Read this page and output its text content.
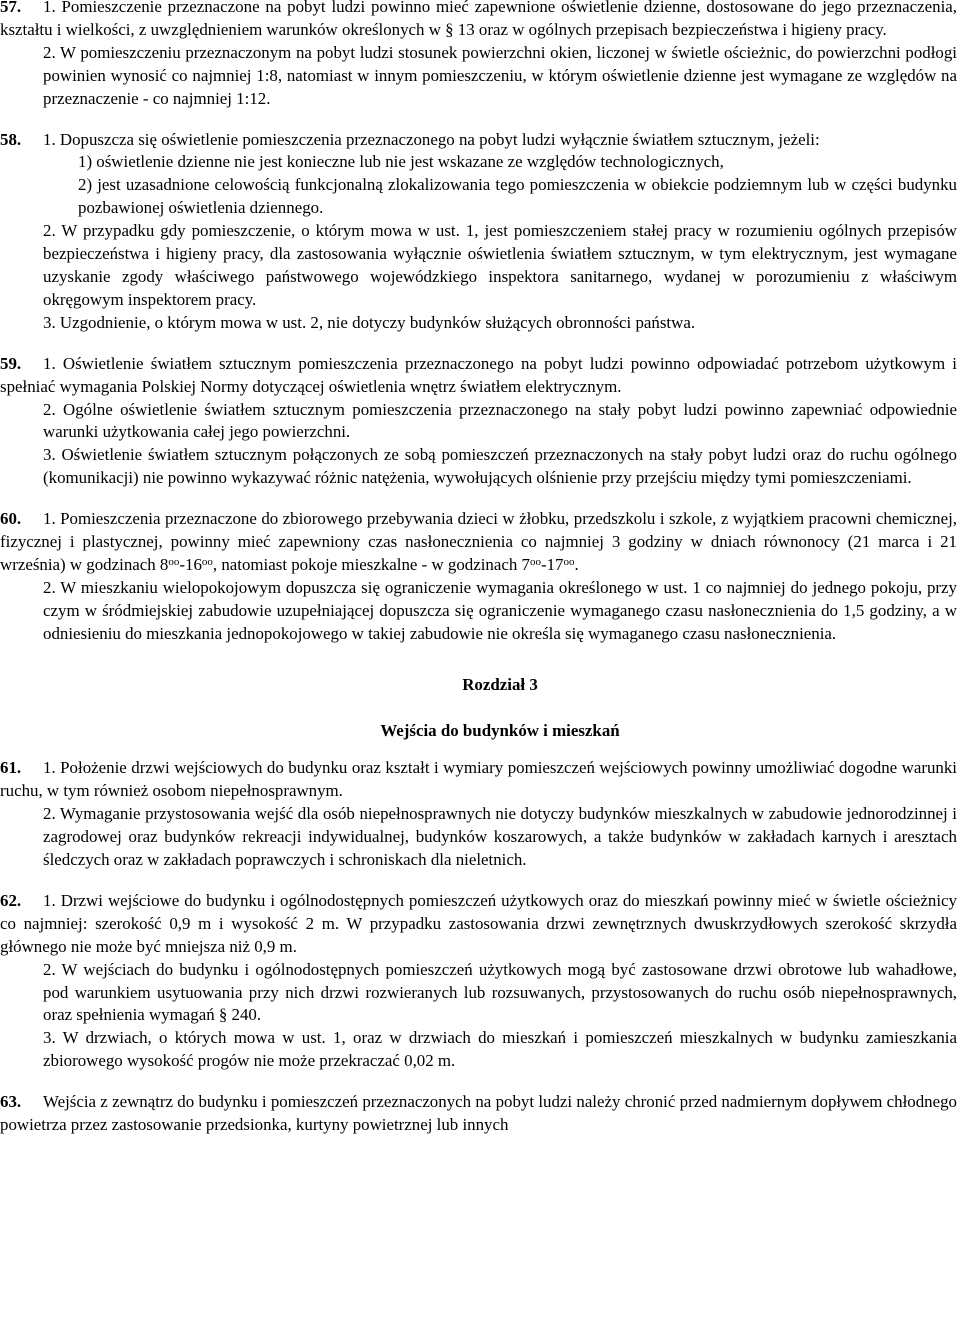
57. 1. Pomieszczenie przeznaczone na pobyt ludzi powinno mieć zapewnione oświetlenie dzienne, dostosowane do jego przeznaczenia, kształtu i wielkości, z uwzględnieniem warunków określonych w § 13 oraz w ogólnych przepisach bezpieczeństwa i higieny pracy.

2. W pomieszczeniu przeznaczonym na pobyt ludzi stosunek powierzchni okien, liczonej w świetle ościeżnic, do powierzchni podłogi powinien wynosić co najmniej 1:8, natomiast w innym pomieszczeniu, w którym oświetlenie dzienne jest wymagane ze względów na przeznaczenie - co najmniej 1:12.

58. 1. Dopuszcza się oświetlenie pomieszczenia przeznaczonego na pobyt ludzi wyłącznie światłem sztucznym, jeżeli:

1) oświetlenie dzienne nie jest konieczne lub nie jest wskazane ze względów technologicznych,

2) jest uzasadnione celowością funkcjonalną zlokalizowania tego pomieszczenia w obiekcie podziemnym lub w części budynku pozbawionej oświetlenia dziennego.

2. W przypadku gdy pomieszczenie, o którym mowa w ust. 1, jest pomieszczeniem stałej pracy w rozumieniu ogólnych przepisów bezpieczeństwa i higieny pracy, dla zastosowania wyłącznie oświetlenia światłem sztucznym, w tym elektrycznym, jest wymagane uzyskanie zgody właściwego państwowego wojewódzkiego inspektora sanitarnego, wydanej w porozumieniu z właściwym okręgowym inspektorem pracy.

3. Uzgodnienie, o którym mowa w ust. 2, nie dotyczy budynków służących obronności państwa.

59. 1. Oświetlenie światłem sztucznym pomieszczenia przeznaczonego na pobyt ludzi powinno odpowiadać potrzebom użytkowym i spełniać wymagania Polskiej Normy dotyczącej oświetlenia wnętrz światłem elektrycznym.

2. Ogólne oświetlenie światłem sztucznym pomieszczenia przeznaczonego na stały pobyt ludzi powinno zapewniać odpowiednie warunki użytkowania całej jego powierzchni.

3. Oświetlenie światłem sztucznym połączonych ze sobą pomieszczeń przeznaczonych na stały pobyt ludzi oraz do ruchu ogólnego (komunikacji) nie powinno wykazywać różnic natężenia, wywołujących olśnienie przy przejściu między tymi pomieszczeniami.

60. 1. Pomieszczenia przeznaczone do zbiorowego przebywania dzieci w żłobku, przedszkolu i szkole, z wyjątkiem pracowni chemicznej, fizycznej i plastycznej, powinny mieć zapewniony czas nasłonecznienia co najmniej 3 godziny w dniach równonocy (21 marca i 21 września) w godzinach $8^{oo}-16^{oo}$, natomiast pokoje mieszkalne - w godzinach $7^{oo}-17^{oo}$.

2. W mieszkaniu wielopokojowym dopuszcza się ograniczenie wymagania określonego w ust. 1 co najmniej do jednego pokoju, przy czym w śródmiejskiej zabudowie uzupełniającej dopuszcza się ograniczenie wymaganego czasu nasłonecznienia do 1,5 godziny, a w odniesieniu do mieszkania jednopokojowego w takiej zabudowie nie określa się wymaganego czasu nasłonecznienia.

Rozdział 3

Wejścia do budynków i mieszkań

61. 1. Położenie drzwi wejściowych do budynku oraz kształt i wymiary pomieszczeń wejściowych powinny umożliwiać dogodne warunki ruchu, w tym również osobom niepełnosprawnym.

2. Wymaganie przystosowania wejść dla osób niepełnosprawnych nie dotyczy budynków mieszkalnych w zabudowie jednorodzinnej i zagrodowej oraz budynków rekreacji indywidualnej, budynków koszarowych, a także budynków w zakładach karnych i aresztach śledczych oraz w zakładach poprawczych i schroniskach dla nieletnich.

62. 1. Drzwi wejściowe do budynku i ogólnodostępnych pomieszczeń użytkowych oraz do mieszkań powinny mieć w świetle ościeżnicy co najmniej: szerokość 0,9 m i wysokość 2 m. W przypadku zastosowania drzwi zewnętrznych dwuskrzydłowych szerokość skrzydła głównego nie może być mniejsza niż 0,9 m.

2. W wejściach do budynku i ogólnodostępnych pomieszczeń użytkowych mogą być zastosowane drzwi obrotowe lub wahadłowe, pod warunkiem usytuowania przy nich drzwi rozwieranych lub rozsuwanych, przystosowanych do ruchu osób niepełnosprawnych, oraz spełnienia wymagań § 240.

3. W drzwiach, o których mowa w ust. 1, oraz w drzwiach do mieszkań i pomieszczeń mieszkalnych w budynku zamieszkania zbiorowego wysokość progów nie może przekraczać 0,02 m.

63. Wejścia z zewnątrz do budynku i pomieszczeń przeznaczonych na pobyt ludzi należy chronić przed nadmiernym dopływem chłodnego powietrza przez zastosowanie przedsionka, kurtyny powietrznej lub innych
